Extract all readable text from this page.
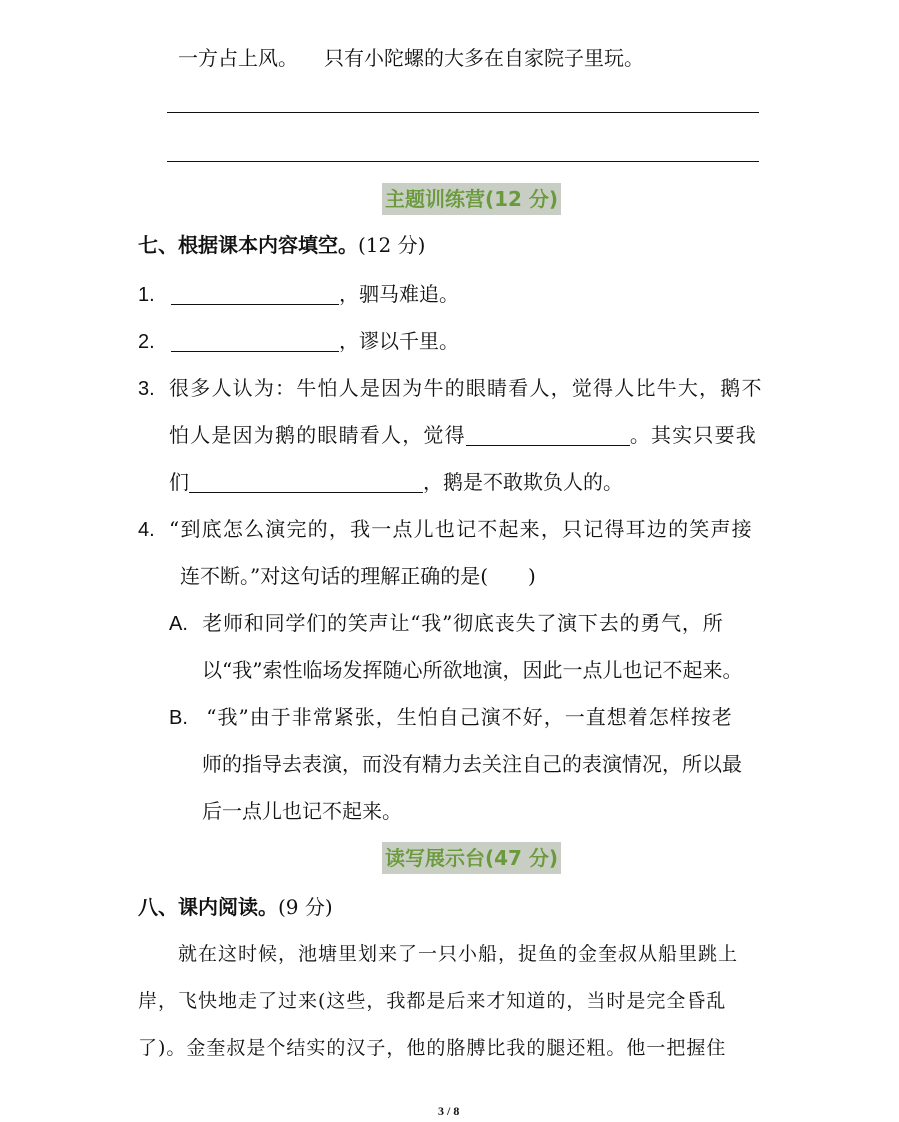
一方占上风。 只有小陀螺的大多在自家院子里玩。
主题训练营(12 分)
七、根据课本内容填空。(12 分)
1.	，驷马难追。
2.	，谬以千里。
3. 很多人认为：牛怕人是因为牛的眼睛看人，觉得人比牛大，鹅不
怕人是因为鹅的眼睛看人，觉得	。其实只要我
们	，鹅是不敢欺负人的。
4. “到底怎么演完的，我一点儿也记不起来，只记得耳边的笑声接
连不断。”对这句话的理解正确的是(　　)
A. 老师和同学们的笑声让“我”彻底丧失了演下去的勇气，所
以“我”索性临场发挥随心所欲地演，因此一点儿也记不起来。
B. “我”由于非常紧张，生怕自己演不好，一直想着怎样按老
师的指导去表演，而没有精力去关注自己的表演情况，所以最
后一点儿也记不起来。
读写展示台(47 分)
八、课内阅读。(9 分)
就在这时候，池塘里划来了一只小船，捉鱼的金奎叔从船里跳上
岸，飞快地走了过来(这些，我都是后来才知道的，当时是完全昏乱
了)。金奎叔是个结实的汉子，他的胳膊比我的腿还粗。他一把握住
3 / 8
